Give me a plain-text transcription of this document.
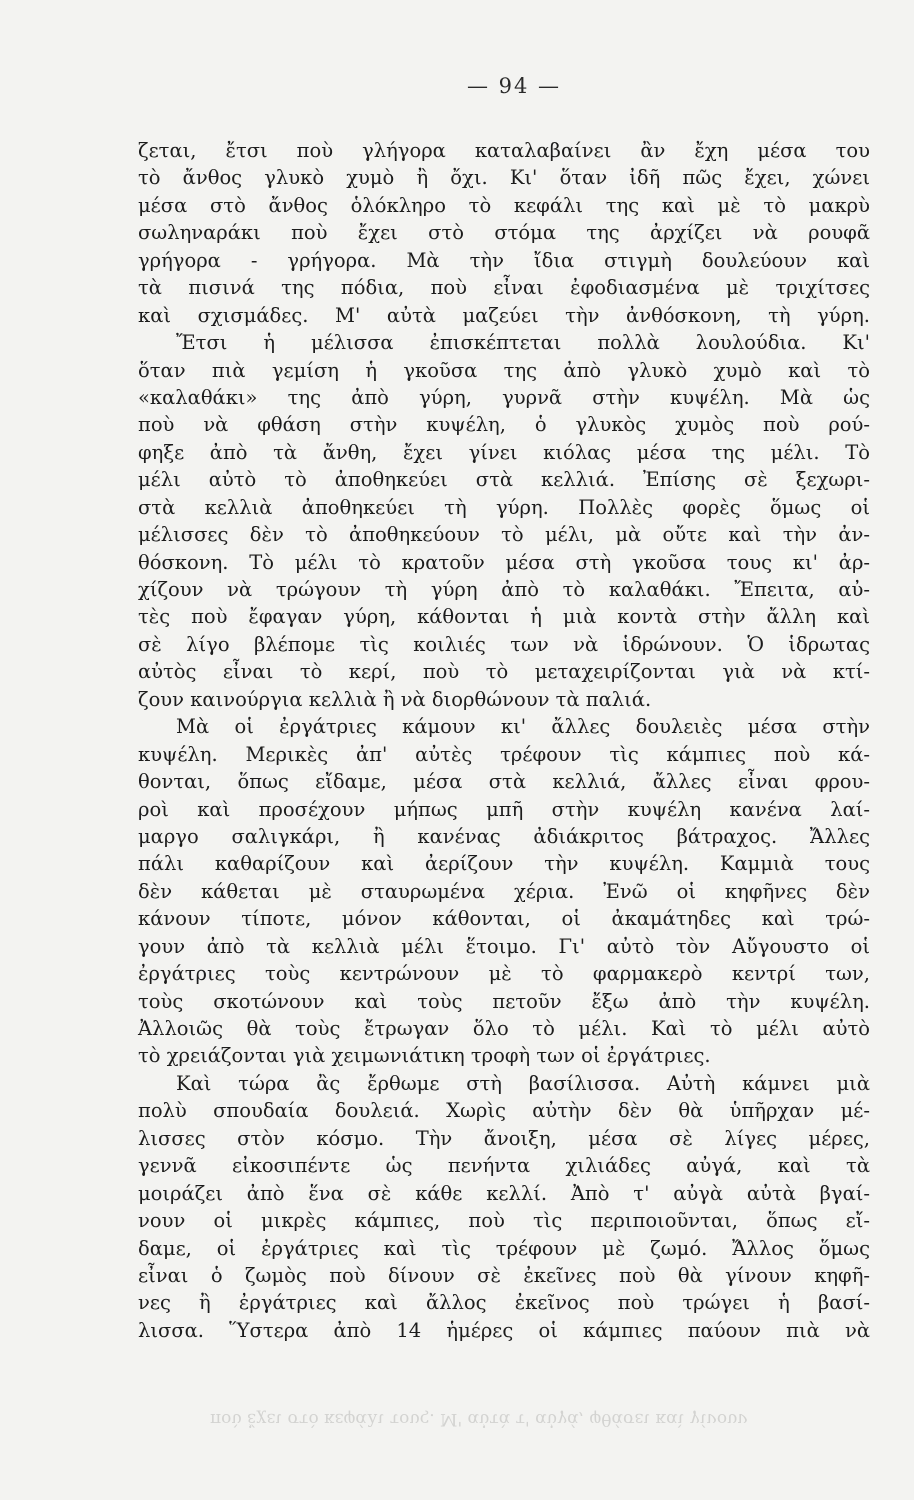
— 94 —
ζεται, ἔτσι ποὺ γλήγορα καταλαβαίνει ἂν ἔχη μέσα του
τὸ ἄνθος γλυκὸ χυμὸ ἢ ὄχι. Κι' ὅταν ἰδῆ πῶς ἔχει, χώνει
μέσα στὸ ἄνθος ὁλόκληρο τὸ κεφάλι της καὶ μὲ τὸ μακρὺ
σωληναράκι ποὺ ἔχει στὸ στόμα της ἀρχίζει νὰ ρουφᾶ
γρήγορα - γρήγορα. Μὰ τὴν ἴδια στιγμὴ δουλεύουν καὶ
τὰ πισινά της πόδια, ποὺ εἶναι ἐφοδιασμένα μὲ τριχίτσες
καὶ σχισμάδες. Μ' αὐτὰ μαζεύει τὴν ἀνθόσκονη, τὴ γύρη.
Ἔτσι ἡ μέλισσα ἐπισκέπτεται πολλὰ λουλούδια. Κι'
ὅταν πιὰ γεμίση ἡ γκοῦσα της ἀπὸ γλυκὸ χυμὸ καὶ τὸ
«καλαθάκι» της ἀπὸ γύρη, γυρνᾶ στὴν κυψέλη. Μὰ ὡς
ποὺ νὰ φθάση στὴν κυψέλη, ὁ γλυκὸς χυμὸς ποὺ ρού-
φηξε ἀπὸ τὰ ἄνθη, ἔχει γίνει κιόλας μέσα της μέλι. Τὸ
μέλι αὐτὸ τὸ ἀποθηκεύει στὰ κελλιά. Ἐπίσης σὲ ξεχωρι-
στὰ κελλιὰ ἀποθηκεύει τὴ γύρη. Πολλὲς φορὲς ὅμως οἱ
μέλισσες δὲν τὸ ἀποθηκεύουν τὸ μέλι, μὰ οὔτε καὶ τὴν ἀν-
θόσκονη. Τὸ μέλι τὸ κρατοῦν μέσα στὴ γκοῦσα τους κι' ἀρ-
χίζουν νὰ τρώγουν τὴ γύρη ἀπὸ τὸ καλαθάκι. Ἔπειτα, αὐ-
τὲς ποὺ ἔφαγαν γύρη, κάθονται ἡ μιὰ κοντὰ στὴν ἄλλη καὶ
σὲ λίγο βλέπομε τὶς κοιλιές των νὰ ἱδρώνουν. Ὁ ἱδρωτας
αὐτὸς εἶναι τὸ κερί, ποὺ τὸ μεταχειρίζονται γιὰ νὰ κτί-
ζουν καινούργια κελλιὰ ἢ νὰ διορθώνουν τὰ παλιά.
Μὰ οἱ ἐργάτριες κάμουν κι' ἄλλες δουλειὲς μέσα στὴν
κυψέλη. Μερικὲς ἀπ' αὐτὲς τρέφουν τὶς κάμπιες ποὺ κά-
θονται, ὅπως εἴδαμε, μέσα στὰ κελλιά, ἄλλες εἶναι φρου-
ροὶ καὶ προσέχουν μήπως μπῆ στὴν κυψέλη κανένα λαί-
μαργο σαλιγκάρι, ἢ κανένας ἀδιάκριτος βάτραχος. Ἄλλες
πάλι καθαρίζουν καὶ ἀερίζουν τὴν κυψέλη. Καμμιὰ τους
δὲν κάθεται μὲ σταυρωμένα χέρια. Ἐνῶ οἱ κηφῆνες δὲν
κάνουν τίποτε, μόνον κάθονται, οἱ ἀκαμάτηδες καὶ τρώ-
γουν ἀπὸ τὰ κελλιὰ μέλι ἕτοιμο. Γι' αὐτὸ τὸν Αὔγουστο οἱ
ἐργάτριες τοὺς κεντρώνουν μὲ τὸ φαρμακερὸ κεντρί των,
τοὺς σκοτώνουν καὶ τοὺς πετοῦν ἔξω ἀπὸ τὴν κυψέλη.
Ἀλλοιῶς θὰ τοὺς ἔτρωγαν ὅλο τὸ μέλι. Καὶ τὸ μέλι αὐτὸ
τὸ χρειάζονται γιὰ χειμωνιάτικη τροφὴ των οἱ ἐργάτριες.
Καὶ τώρα ἂς ἔρθωμε στὴ βασίλισσα. Αὐτὴ κάμνει μιὰ
πολὺ σπουδαία δουλειά. Χωρὶς αὐτὴν δὲν θὰ ὑπῆρχαν μέ-
λισσες στὸν κόσμο. Τὴν ἄνοιξη, μέσα σὲ λίγες μέρες,
γεννᾶ εἰκοσιπέντε ὡς πενήντα χιλιάδες αὐγά, καὶ τὰ
μοιράζει ἀπὸ ἕνα σὲ κάθε κελλί. Ἀπὸ τ' αὐγὰ αὐτὰ βγαί-
νουν οἱ μικρὲς κάμπιες, ποὺ τὶς περιποιοῦνται, ὅπως εἴ-
δαμε, οἱ ἐργάτριες καὶ τὶς τρέφουν μὲ ζωμό. Ἄλλος ὅμως
εἶναι ὁ ζωμὸς ποὺ δίνουν σὲ ἐκεῖνες ποὺ θὰ γίνουν κηφῆ-
νες ἢ ἐργάτριες καὶ ἄλλος ἐκεῖνος ποὺ τρώγει ἡ βασί-
λισσα. Ὕστερα ἀπὸ 14 ἡμέρες οἱ κάμπιες παύουν πιὰ νὰ
ποὺ ἔχει στὸ κεφάλι τους. Μ' αὐτὰ τ' αὐγά, φθάσει καὶ γίνουν
